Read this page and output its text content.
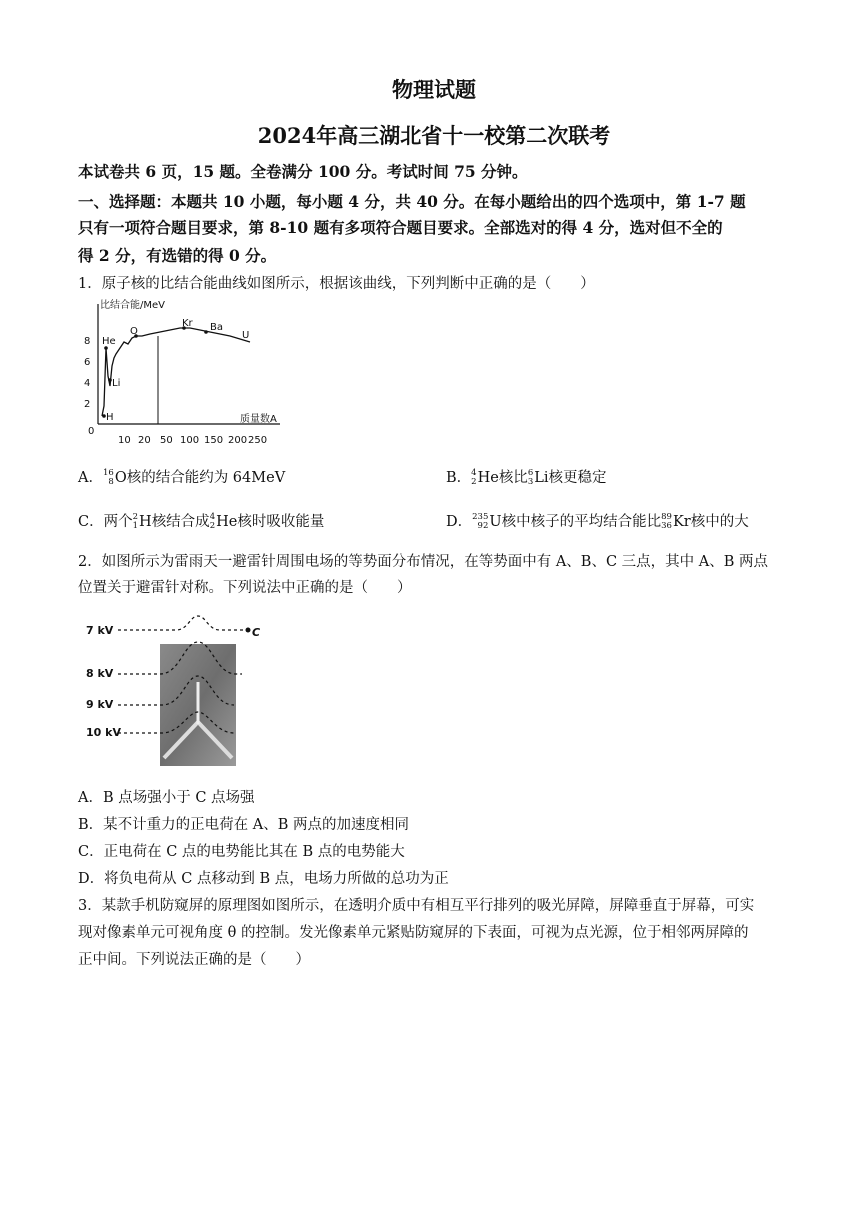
物理试题
2024年高三湖北省十一校第二次联考
本试卷共 6 页，15 题。全卷满分 100 分。考试时间 75 分钟。
一、选择题：本题共 10 小题，每小题 4 分，共 40 分。在每小题给出的四个选项中，第 1-7 题
只有一项符合题目要求，第 8-10 题有多项符合题目要求。全部选对的得 4 分，选对但不全的
得 2 分，有选错的得 0 分。
1．原子核的比结合能曲线如图所示，根据该曲线，下列判断中正确的是（　　）
比结合能/MeV
8
6
4
2
0
10 20 50 100 150 200 250
质量数A
He
Li
H
O
Kr Ba
U
A． 16
8 O核的结合能约为 64MeV	B． 4
2 He核比 6
3 Li核更稳定
C．两个 2
1 H核结合成 4
2 He核时吸收能量	D． 235
92 U核中核子的平均结合能比 89
36 Kr核中的大
2．如图所示为雷雨天一避雷针周围电场的等势面分布情况，在等势面中有 A、B、C 三点，其中 A、B 两点
位置关于避雷针对称。下列说法中正确的是（　　）
7 kV
8 kV
9 kV
10 kV
C
A．B 点场强小于 C 点场强
B．某不计重力的正电荷在 A、B 两点的加速度相同
C．正电荷在 C 点的电势能比其在 B 点的电势能大
D．将负电荷从 C 点移动到 B 点，电场力所做的总功为正
3．某款手机防窥屏的原理图如图所示，在透明介质中有相互平行排列的吸光屏障，屏障垂直于屏幕，可实
现对像素单元可视角度 θ 的控制。发光像素单元紧贴防窥屏的下表面，可视为点光源，位于相邻两屏障的
正中间。下列说法正确的是（　　）
